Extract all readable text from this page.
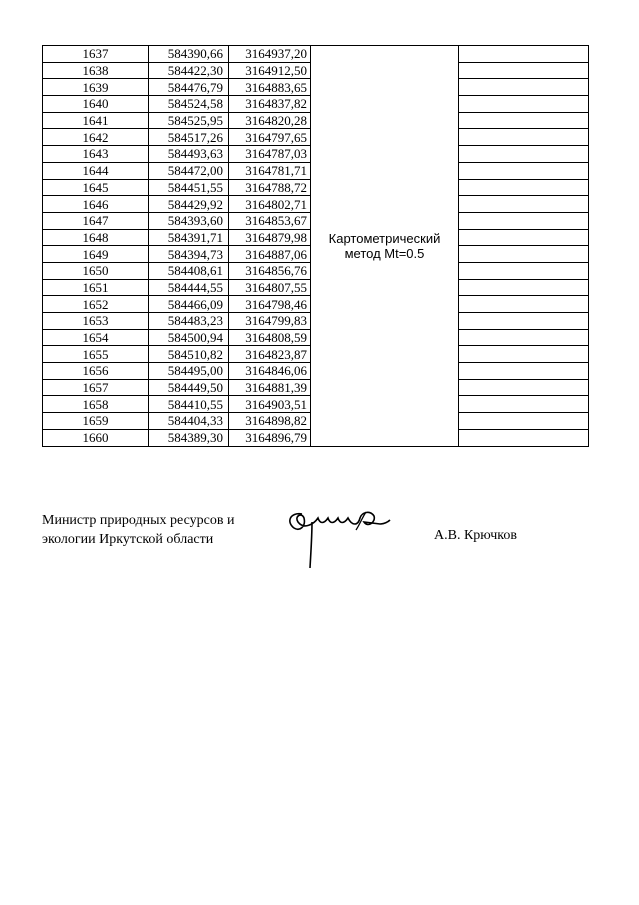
1637	584390,66	3164937,20	Картометрический метод Mt=0.5	
1638	584422,30	3164912,50		
1639	584476,79	3164883,65		
1640	584524,58	3164837,82		
1641	584525,95	3164820,28		
1642	584517,26	3164797,65		
1643	584493,63	3164787,03		
1644	584472,00	3164781,71		
1645	584451,55	3164788,72		
1646	584429,92	3164802,71		
1647	584393,60	3164853,67		
1648	584391,71	3164879,98		
1649	584394,73	3164887,06		
1650	584408,61	3164856,76		
1651	584444,55	3164807,55		
1652	584466,09	3164798,46		
1653	584483,23	3164799,83		
1654	584500,94	3164808,59		
1655	584510,82	3164823,87		
1656	584495,00	3164846,06		
1657	584449,50	3164881,39		
1658	584410,55	3164903,51		
1659	584404,33	3164898,82		
1660	584389,30	3164896,79		
Министр природных ресурсов и
экологии Иркутской области	А.В. Крючков
